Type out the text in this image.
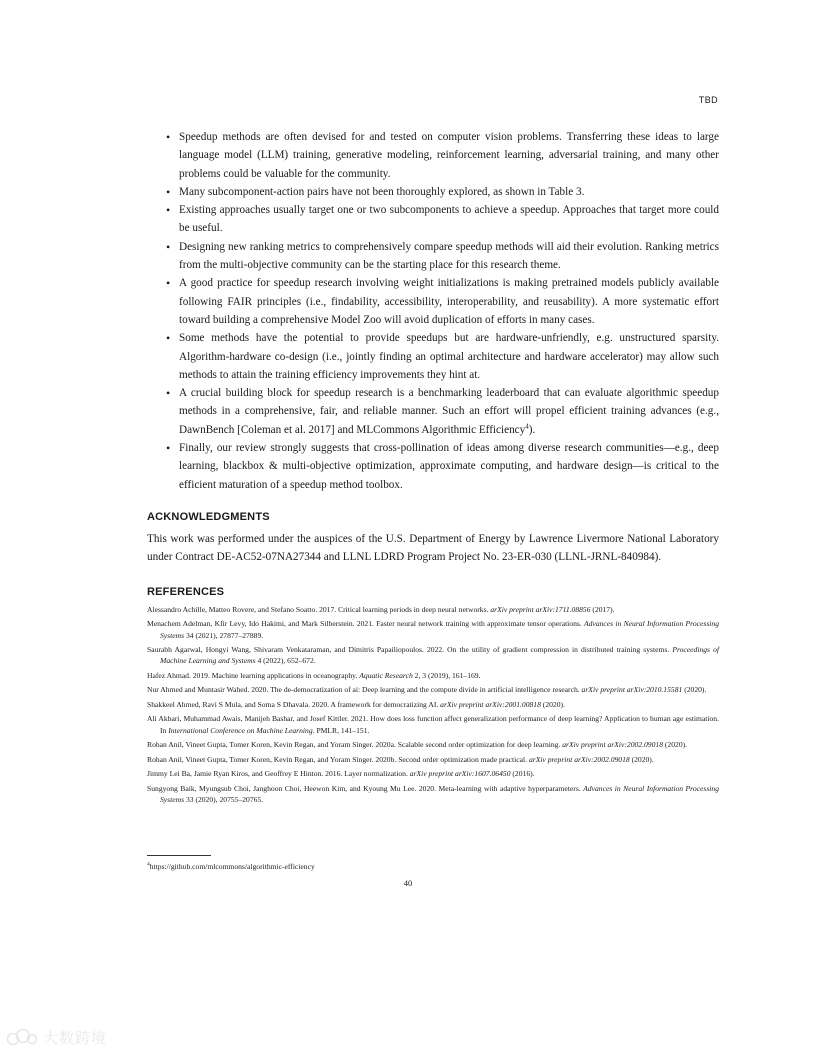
TBD
• Speedup methods are often devised for and tested on computer vision problems. Transferring these ideas to large language model (LLM) training, generative modeling, reinforcement learning, adversarial training, and many other problems could be valuable for the community.
• Many subcomponent-action pairs have not been thoroughly explored, as shown in Table 3.
• Existing approaches usually target one or two subcomponents to achieve a speedup. Approaches that target more could be useful.
• Designing new ranking metrics to comprehensively compare speedup methods will aid their evolution. Ranking metrics from the multi-objective community can be the starting place for this research theme.
• A good practice for speedup research involving weight initializations is making pretrained models publicly available following FAIR principles (i.e., findability, accessibility, interoperability, and reusability). A more systematic effort toward building a comprehensive Model Zoo will avoid duplication of efforts in many cases.
• Some methods have the potential to provide speedups but are hardware-unfriendly, e.g. unstructured sparsity. Algorithm-hardware co-design (i.e., jointly finding an optimal architecture and hardware accelerator) may allow such methods to attain the training efficiency improvements they hint at.
• A crucial building block for speedup research is a benchmarking leaderboard that can evaluate algorithmic speedup methods in a comprehensive, fair, and reliable manner. Such an effort will propel efficient training advances (e.g., DawnBench [Coleman et al. 2017] and MLCommons Algorithmic Efficiency$^4$).
• Finally, our review strongly suggests that cross-pollination of ideas among diverse research communities—e.g., deep learning, blackbox & multi-objective optimization, approximate computing, and hardware design—is critical to the efficient maturation of a speedup method toolbox.
ACKNOWLEDGMENTS

This work was performed under the auspices of the U.S. Department of Energy by Lawrence Livermore National Laboratory under Contract DE-AC52-07NA27344 and LLNL LDRD Program Project No. 23-ER-030 (LLNL-JRNL-840984).

REFERENCES
Alessandro Achille, Matteo Rovere, and Stefano Soatto. 2017. Critical learning periods in deep neural networks. arXiv preprint arXiv:1711.08856 (2017).
Menachem Adelman, Kfir Levy, Ido Hakimi, and Mark Silberstein. 2021. Faster neural network training with approximate tensor operations. Advances in Neural Information Processing Systems 34 (2021), 27877–27889.
Saurabh Agarwal, Hongyi Wang, Shivaram Venkataraman, and Dimitris Papailiopoulos. 2022. On the utility of gradient compression in distributed training systems. Proceedings of Machine Learning and Systems 4 (2022), 652–672.
Hafez Ahmad. 2019. Machine learning applications in oceanography. Aquatic Research 2, 3 (2019), 161–169.
Nur Ahmed and Muntasir Wahed. 2020. The de-democratization of ai: Deep learning and the compute divide in artificial intelligence research. arXiv preprint arXiv:2010.15581 (2020).
Shakkeel Ahmed, Ravi S Mula, and Soma S Dhavala. 2020. A framework for democratizing AI. arXiv preprint arXiv:2001.00818 (2020).
Ali Akbari, Muhammad Awais, Manijeh Bashar, and Josef Kittler. 2021. How does loss function affect generalization performance of deep learning? Application to human age estimation. In International Conference on Machine Learning. PMLR, 141–151.
Rohan Anil, Vineet Gupta, Tomer Koren, Kevin Regan, and Yoram Singer. 2020a. Scalable second order optimization for deep learning. arXiv preprint arXiv:2002.09018 (2020).
Rohan Anil, Vineet Gupta, Tomer Koren, Kevin Regan, and Yoram Singer. 2020b. Second order optimization made practical. arXiv preprint arXiv:2002.09018 (2020).
Jimmy Lei Ba, Jamie Ryan Kiros, and Geoffrey E Hinton. 2016. Layer normalization. arXiv preprint arXiv:1607.06450 (2016).
Sungyong Baik, Myungsub Choi, Janghoon Choi, Heewon Kim, and Kyoung Mu Lee. 2020. Meta-learning with adaptive hyperparameters. Advances in Neural Information Processing Systems 33 (2020), 20755–20765.
$^4$https://github.com/mlcommons/algorithmic-efficiency
40
大数跨境
